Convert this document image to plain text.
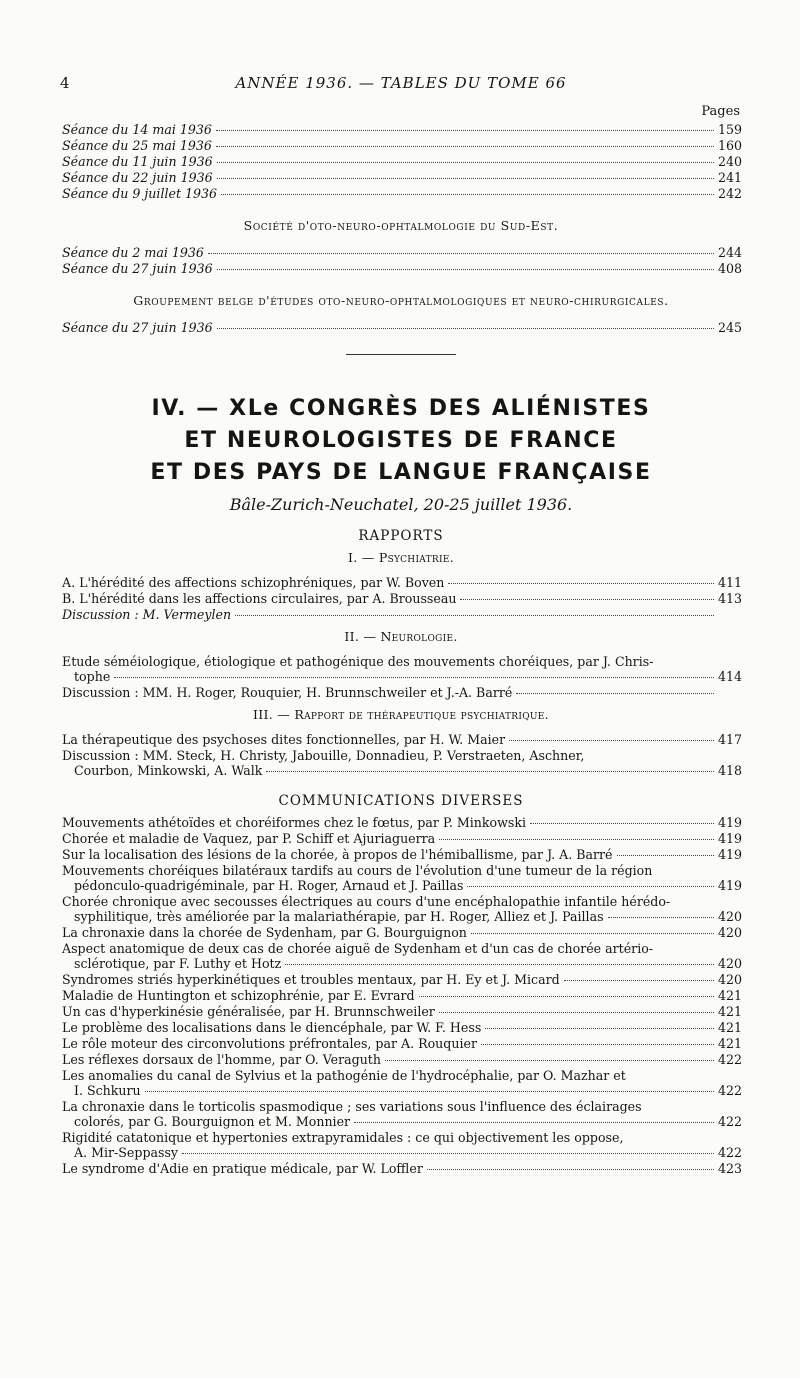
4	ANNÉE 1936. — TABLES DU TOME 66
Pages
Séance du 14 mai 1936	159
Séance du 25 mai 1936	160
Séance du 11 juin 1936	240
Séance du 22 juin 1936	241
Séance du 9 juillet 1936	242
Société d'oto-neuro-ophtalmologie du Sud-Est.
Séance du 2 mai 1936	244
Séance du 27 juin 1936	408
Groupement belge d'études oto-neuro-ophtalmologiques et neuro-chirurgicales.
Séance du 27 juin 1936	245
IV. — XLe CONGRÈS DES ALIÉNISTES
ET NEUROLOGISTES DE FRANCE
ET DES PAYS DE LANGUE FRANÇAISE
Bâle-Zurich-Neuchatel, 20-25 juillet 1936.
RAPPORTS
I. — Psychiatrie.
A. L'hérédité des affections schizophréniques, par W. Boven	411
B. L'hérédité dans les affections circulaires, par A. Brousseau	413
Discussion : M. Vermeylen
II. — Neurologie.
Etude séméiologique, étiologique et pathogénique des mouvements choréiques, par J. Chris-
tophe	414
Discussion : MM. H. Roger, Rouquier, H. Brunnschweiler et J.-A. Barré
III. — Rapport de thérapeutique psychiatrique.
La thérapeutique des psychoses dites fonctionnelles, par H. W. Maier	417
Discussion : MM. Steck, H. Christy, Jabouille, Donnadieu, P. Verstraeten, Aschner,
Courbon, Minkowski, A. Walk	418
COMMUNICATIONS DIVERSES
Mouvements athétoïdes et choréiformes chez le fœtus, par P. Minkowski	419
Chorée et maladie de Vaquez, par P. Schiff et Ajuriaguerra	419
Sur la localisation des lésions de la chorée, à propos de l'hémiballisme, par J. A. Barré	419
Mouvements choréiques bilatéraux tardifs au cours de l'évolution d'une tumeur de la région
pédonculo-quadrigéminale, par H. Roger, Arnaud et J. Paillas	419
Chorée chronique avec secousses électriques au cours d'une encéphalopathie infantile hérédo-
syphilitique, très améliorée par la malariathérapie, par H. Roger, Alliez et J. Paillas	420
La chronaxie dans la chorée de Sydenham, par G. Bourguignon	420
Aspect anatomique de deux cas de chorée aiguë de Sydenham et d'un cas de chorée artério-
sclérotique, par F. Luthy et Hotz	420
Syndromes striés hyperkinétiques et troubles mentaux, par H. Ey et J. Micard	420
Maladie de Huntington et schizophrénie, par E. Evrard	421
Un cas d'hyperkinésie généralisée, par H. Brunnschweiler	421
Le problème des localisations dans le diencéphale, par W. F. Hess	421
Le rôle moteur des circonvolutions préfrontales, par A. Rouquier	421
Les réflexes dorsaux de l'homme, par O. Veraguth	422
Les anomalies du canal de Sylvius et la pathogénie de l'hydrocéphalie, par O. Mazhar et
I. Schkuru	422
La chronaxie dans le torticolis spasmodique ; ses variations sous l'influence des éclairages
colorés, par G. Bourguignon et M. Monnier	422
Rigidité catatonique et hypertonies extrapyramidales : ce qui objectivement les oppose,
A. Mir-Seppassy	422
Le syndrome d'Adie en pratique médicale, par W. Loffler	423
